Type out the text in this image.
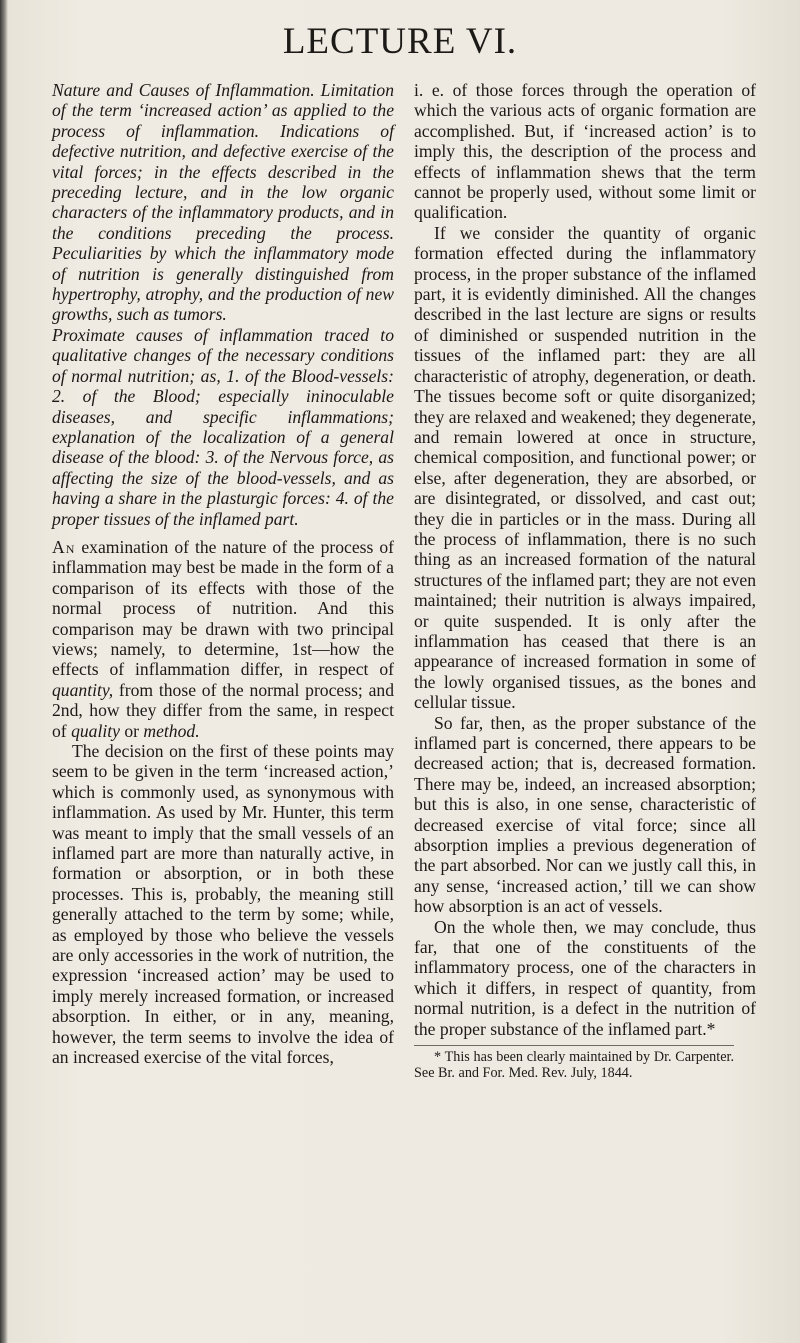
LECTURE VI.

Nature and Causes of Inflammation. Limitation of the term ‘increased action’ as applied to the process of inflammation. Indications of defective nutrition, and defective exercise of the vital forces; in the effects described in the preceding lecture, and in the low organic characters of the inflammatory products, and in the conditions preceding the process. Peculiarities by which the inflammatory mode of nutrition is generally distinguished from hypertrophy, atrophy, and the production of new growths, such as tumors.

Proximate causes of inflammation traced to qualitative changes of the necessary conditions of normal nutrition; as, 1. of the Blood-vessels: 2. of the Blood; especially ininoculable diseases, and specific inflammations; explanation of the localization of a general disease of the blood: 3. of the Nervous force, as affecting the size of the blood-vessels, and as having a share in the plasturgic forces: 4. of the proper tissues of the inflamed part.

An examination of the nature of the process of inflammation may best be made in the form of a comparison of its effects with those of the normal process of nutrition. And this comparison may be drawn with two principal views; namely, to determine, 1st—how the effects of inflammation differ, in respect of quantity, from those of the normal process; and 2nd, how they differ from the same, in respect of quality or method.

The decision on the first of these points may seem to be given in the term ‘increased action,’ which is commonly used, as synonymous with inflammation. As used by Mr. Hunter, this term was meant to imply that the small vessels of an inflamed part are more than naturally active, in formation or absorption, or in both these processes. This is, probably, the meaning still generally attached to the term by some; while, as employed by those who believe the vessels are only accessories in the work of nutrition, the expression ‘increased action’ may be used to imply merely increased formation, or increased absorption. In either, or in any, meaning, however, the term seems to involve the idea of an increased exercise of the vital forces,

i. e. of those forces through the operation of which the various acts of organic formation are accomplished. But, if ‘increased action’ is to imply this, the description of the process and effects of inflammation shews that the term cannot be properly used, without some limit or qualification.

If we consider the quantity of organic formation effected during the inflammatory process, in the proper substance of the inflamed part, it is evidently diminished. All the changes described in the last lecture are signs or results of diminished or suspended nutrition in the tissues of the inflamed part: they are all characteristic of atrophy, degeneration, or death. The tissues become soft or quite disorganized; they are relaxed and weakened; they degenerate, and remain lowered at once in structure, chemical composition, and functional power; or else, after degeneration, they are absorbed, or are disintegrated, or dissolved, and cast out; they die in particles or in the mass. During all the process of inflammation, there is no such thing as an increased formation of the natural structures of the inflamed part; they are not even maintained; their nutrition is always impaired, or quite suspended. It is only after the inflammation has ceased that there is an appearance of increased formation in some of the lowly organised tissues, as the bones and cellular tissue.

So far, then, as the proper substance of the inflamed part is concerned, there appears to be decreased action; that is, decreased formation. There may be, indeed, an increased absorption; but this is also, in one sense, characteristic of decreased exercise of vital force; since all absorption implies a previous degeneration of the part absorbed. Nor can we justly call this, in any sense, ‘increased action,’ till we can show how absorption is an act of vessels.

On the whole then, we may conclude, thus far, that one of the constituents of the inflammatory process, one of the characters in which it differs, in respect of quantity, from normal nutrition, is a defect in the nutrition of the proper substance of the inflamed part.*

* This has been clearly maintained by Dr. Carpenter. See Br. and For. Med. Rev. July, 1844.
